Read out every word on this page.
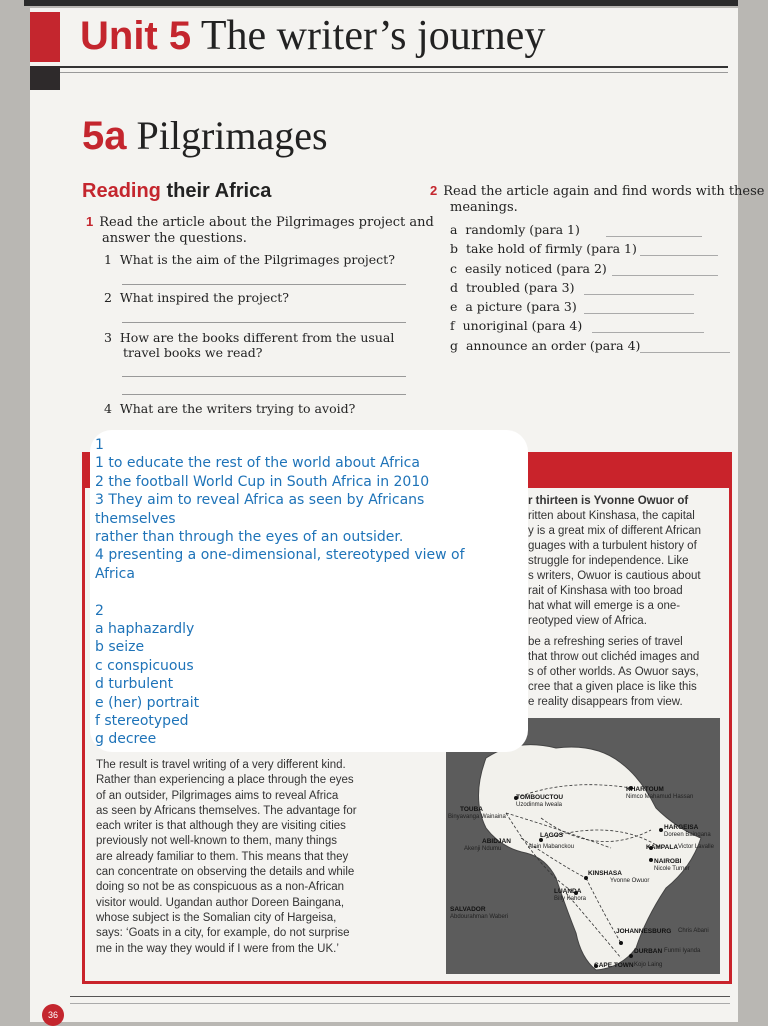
Unit 5 The writer’s journey
5a Pilgrimages
Reading their Africa
1 Read the article about the Pilgrimages project and
answer the questions.
1 What is the aim of the Pilgrimages project?
2 What inspired the project?
3 How are the books different from the usual
travel books we read?
4 What are the writers trying to avoid?
2 Read the article again and find words with these
meanings.
a randomly (para 1)
b take hold of firmly (para 1)
c easily noticed (para 2)
d troubled (para 3)
e a picture (para 3)
f unoriginal (para 4)
g announce an order (para 4)
r thirteen is Yvonne Owuor of
ritten about Kinshasa, the capital
y is a great mix of different African
guages with a turbulent history of
struggle for independence. Like
s writers, Owuor is cautious about
rait of Kinshasa with too broad
hat what will emerge is a one-
reotyped view of Africa.
be a refreshing series of travel
that throw out clichéd images and
s of other worlds. As Owuor says,
cree that a given place is like this
e reality disappears from view.
The result is travel writing of a very different kind.
Rather than experiencing a place through the eyes
of an outsider, Pilgrimages aims to reveal Africa
as seen by Africans themselves. The advantage for
each writer is that although they are visiting cities
previously not well-known to them, many things
are already familiar to them. This means that they
can concentrate on observing the details and while
doing so not be as conspicuous as a non-African
visitor would. Ugandan author Doreen Baingana,
whose subject is the Somalian city of Hargeisa,
says: ‘Goats in a city, for example, do not surprise
me in the way they would if I were from the UK.’
KHARTOUM
Nimco Mahamud Hassan
TOMBOUCTOU
Uzodinma Iweala
TOUBA
Binyavanga Wainaina
HARGEISA
Doreen Baingana
KAMPALA Victor Lavalle
LAGOS
ABIDJAN
Akenji Ndumu	Alain Mabanckou
NAIROBI
Nicole Turner
KINSHASA
Yvonne Owuor
LUANDA
Billy Kahora
SALVADOR
Abdourahman Waberi
JOHANNESBURG Chris Abani
DURBAN Funmi Iyanda
CAPE TOWN Kojo Laing
1
1 to educate the rest of the world about Africa
2 the football World Cup in South Africa in 2010
3 They aim to reveal Africa as seen by Africans
themselves
rather than through the eyes of an outsider.
4 presenting a one-dimensional, stereotyped view of
Africa
2
a haphazardly
b seize
c conspicuous
d turbulent
e (her) portrait
f stereotyped
g decree
36
